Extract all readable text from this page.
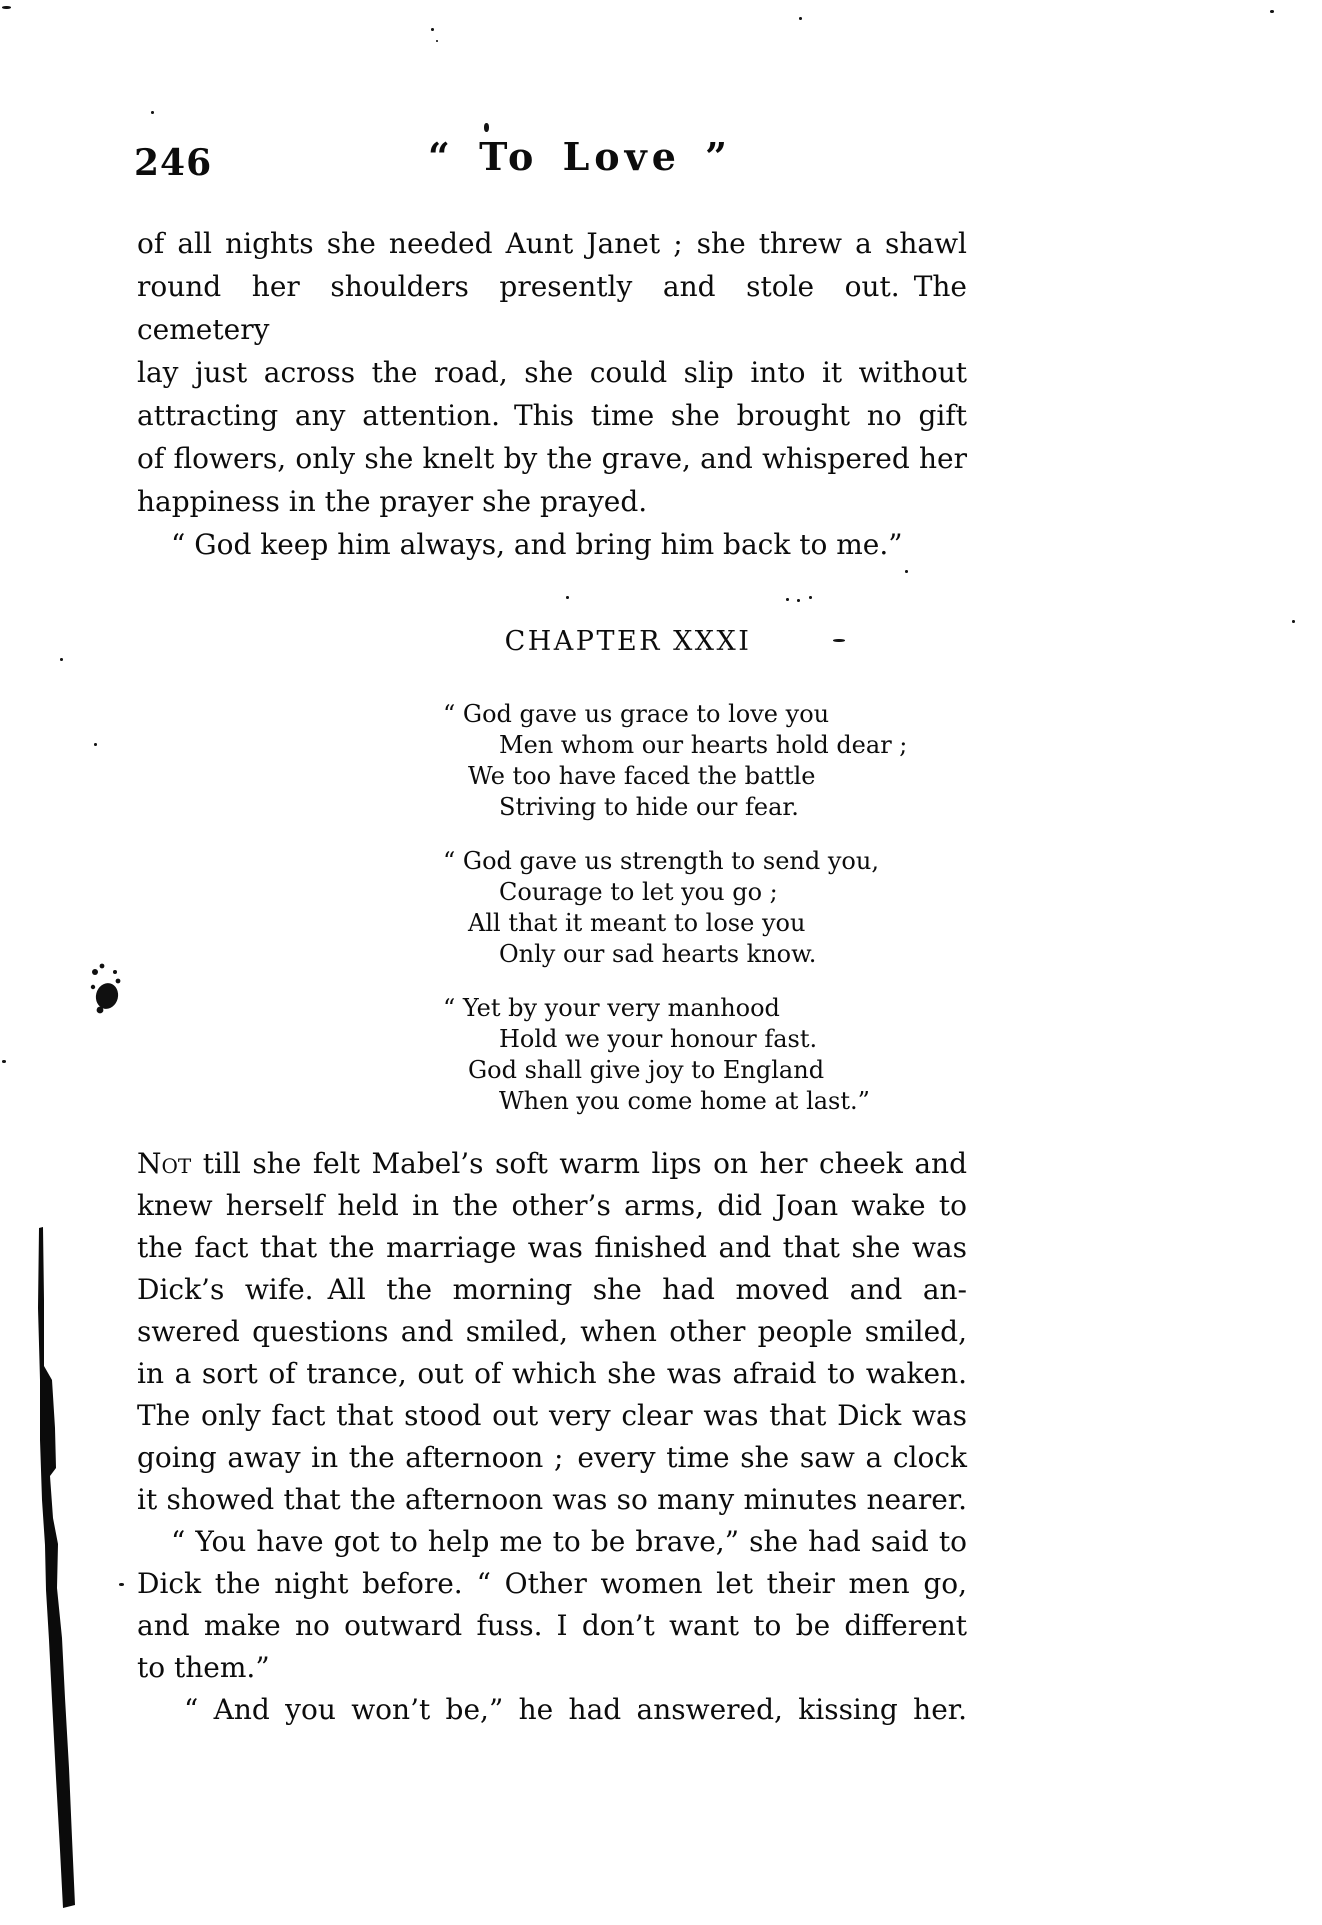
246	“ To Love ”
of all nights she needed Aunt Janet ; she threw a shawl
round her shoulders presently and stole out. The cemetery
lay just across the road, she could slip into it without
attracting any attention. This time she brought no gift
of flowers, only she knelt by the grave, and whispered her
happiness in the prayer she prayed.
“ God keep him always, and bring him back to me.”
CHAPTER XXXI
“ God gave us grace to love you
Men whom our hearts hold dear ;
We too have faced the battle
Striving to hide our fear.
“ God gave us strength to send you,
Courage to let you go ;
All that it meant to lose you
Only our sad hearts know.
“ Yet by your very manhood
Hold we your honour fast.
God shall give joy to England
When you come home at last.”
Not till she felt Mabel’s soft warm lips on her cheek and
knew herself held in the other’s arms, did Joan wake to
the fact that the marriage was finished and that she was
Dick’s wife. All the morning she had moved and an-
swered questions and smiled, when other people smiled,
in a sort of trance, out of which she was afraid to waken.
The only fact that stood out very clear was that Dick was
going away in the afternoon ; every time she saw a clock
it showed that the afternoon was so many minutes nearer.
“ You have got to help me to be brave,” she had said to
Dick the night before. “ Other women let their men go,
and make no outward fuss. I don’t want to be different
to them.”
“ And you won’t be,” he had answered, kissing her.
